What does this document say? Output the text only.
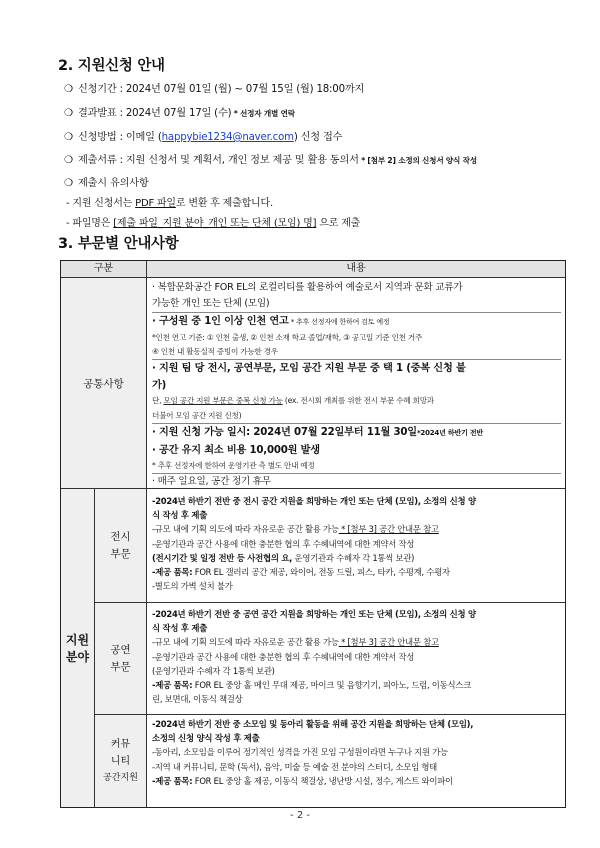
2. 지원신청 안내
❍ 신청기간 : 2024년 07월 01일 (월) ~ 07월 15일 (월) 18:00까지
❍ 결과발표 : 2024년 07월 17일 (수) * 선정자 개별 연락
❍ 신청방법 : 이메일 (happybie1234@naver.com) 신청 접수
❍ 제출서류 : 지원 신청서 및 계획서, 개인 정보 제공 및 활용 동의서 * [첨부 2] 소정의 신청서 양식 작성
❍ 제출시 유의사항
- 지원 신청서는 PDF 파일로 변환 후 제출합니다.
- 파일명은 [제출 파일_지원 분야_개인 또는 단체 (모임) 명] 으로 제출
3. 부문별 안내사항
구분	내용
공통사항

· 복합문화공간 FOR EL의 로컬리티를 활용하여 예술로서 지역과 문화 교류가

가능한 개인 또는 단체 (모임)

· 구성원 중 1인 이상 인천 연고 * 추후 선정자에 한하여 검토 예정

*인천 연고 기준: ① 인천 출생, ② 인천 소재 학교 졸업/재학, ③ 공고일 기준 인천 거주

④ 인천 내 활동실적 증빙이 가능한 경우

· 지원 팀 당 전시, 공연부문, 모임 공간 지원 부문 중 택 1 (중복 신청 불

가)

단, 모임 공간 지원 부문은 중복 신청 가능 (ex. 전시회 개최를 위한 전시 부문 수혜 희망과

더불어 모임 공간 지원 신청)

· 지원 신청 가능 일시: 2024년 07월 22일부터 11월 30일*2024년 하반기 전반

· 공간 유지 최소 비용 10,000원 발생

* 추후 선정자에 한하여 운영기관 측 별도 안내 예정

· 매주 일요일, 공간 정기 휴무

지원
분야
전시
부문

-2024년 하반기 전반 중 전시 공간 지원을 희망하는 개인 또는 단체 (모임), 소정의 신청 양

식 작성 후 제출

-규모 내에 기획 의도에 따라 자유로운 공간 활용 가능 * [첨부 3] 공간 안내문 참고

-운영기관과 공간 사용에 대한 충분한 협의 후 수혜내역에 대한 계약서 작성

(전시기간 및 일정 전반 등 사전협의 요, 운영기관과 수혜자 각 1통씩 보관)

-제공 품목: FOR EL 갤러리 공간 제공, 와이어, 전동 드릴, 피스, 타카, 수평계, 수평자

-별도의 가벽 설치 불가

공연
부문

-2024년 하반기 전반 중 공연 공간 지원을 희망하는 개인 또는 단체 (모임), 소정의 신청 양

식 작성 후 제출

-규모 내에 기획 의도에 따라 자유로운 공간 활용 가능 * [첨부 3] 공간 안내문 참고

-운영기관과 공간 사용에 대한 충분한 협의 후 수혜내역에 대한 계약서 작성

(운영기관과 수혜자 각 1통씩 보관)

-제공 품목: FOR EL 중앙 홀 메인 무대 제공, 마이크 및 음향기기, 피아노, 드럼, 이동식스크

린, 보면대, 이동식 책걸상

커뮤
니티
공간지원

-2024년 하반기 전반 중 소모임 및 동아리 활동을 위해 공간 지원을 희망하는 단체 (모임),

소정의 신청 양식 작성 후 제출

-동아리, 소모임을 이루어 정기적인 성격을 가진 모임 구성원이라면 누구나 지원 가능

-지역 내 커뮤니티, 문학 (독서), 음악, 미술 등 예술 전 분야의 스터디, 소모임 형태

-제공 품목: FOR EL 중앙 홀 제공, 이동식 책걸상, 냉난방 시설, 정수, 게스트 와이파이

- 2 -
